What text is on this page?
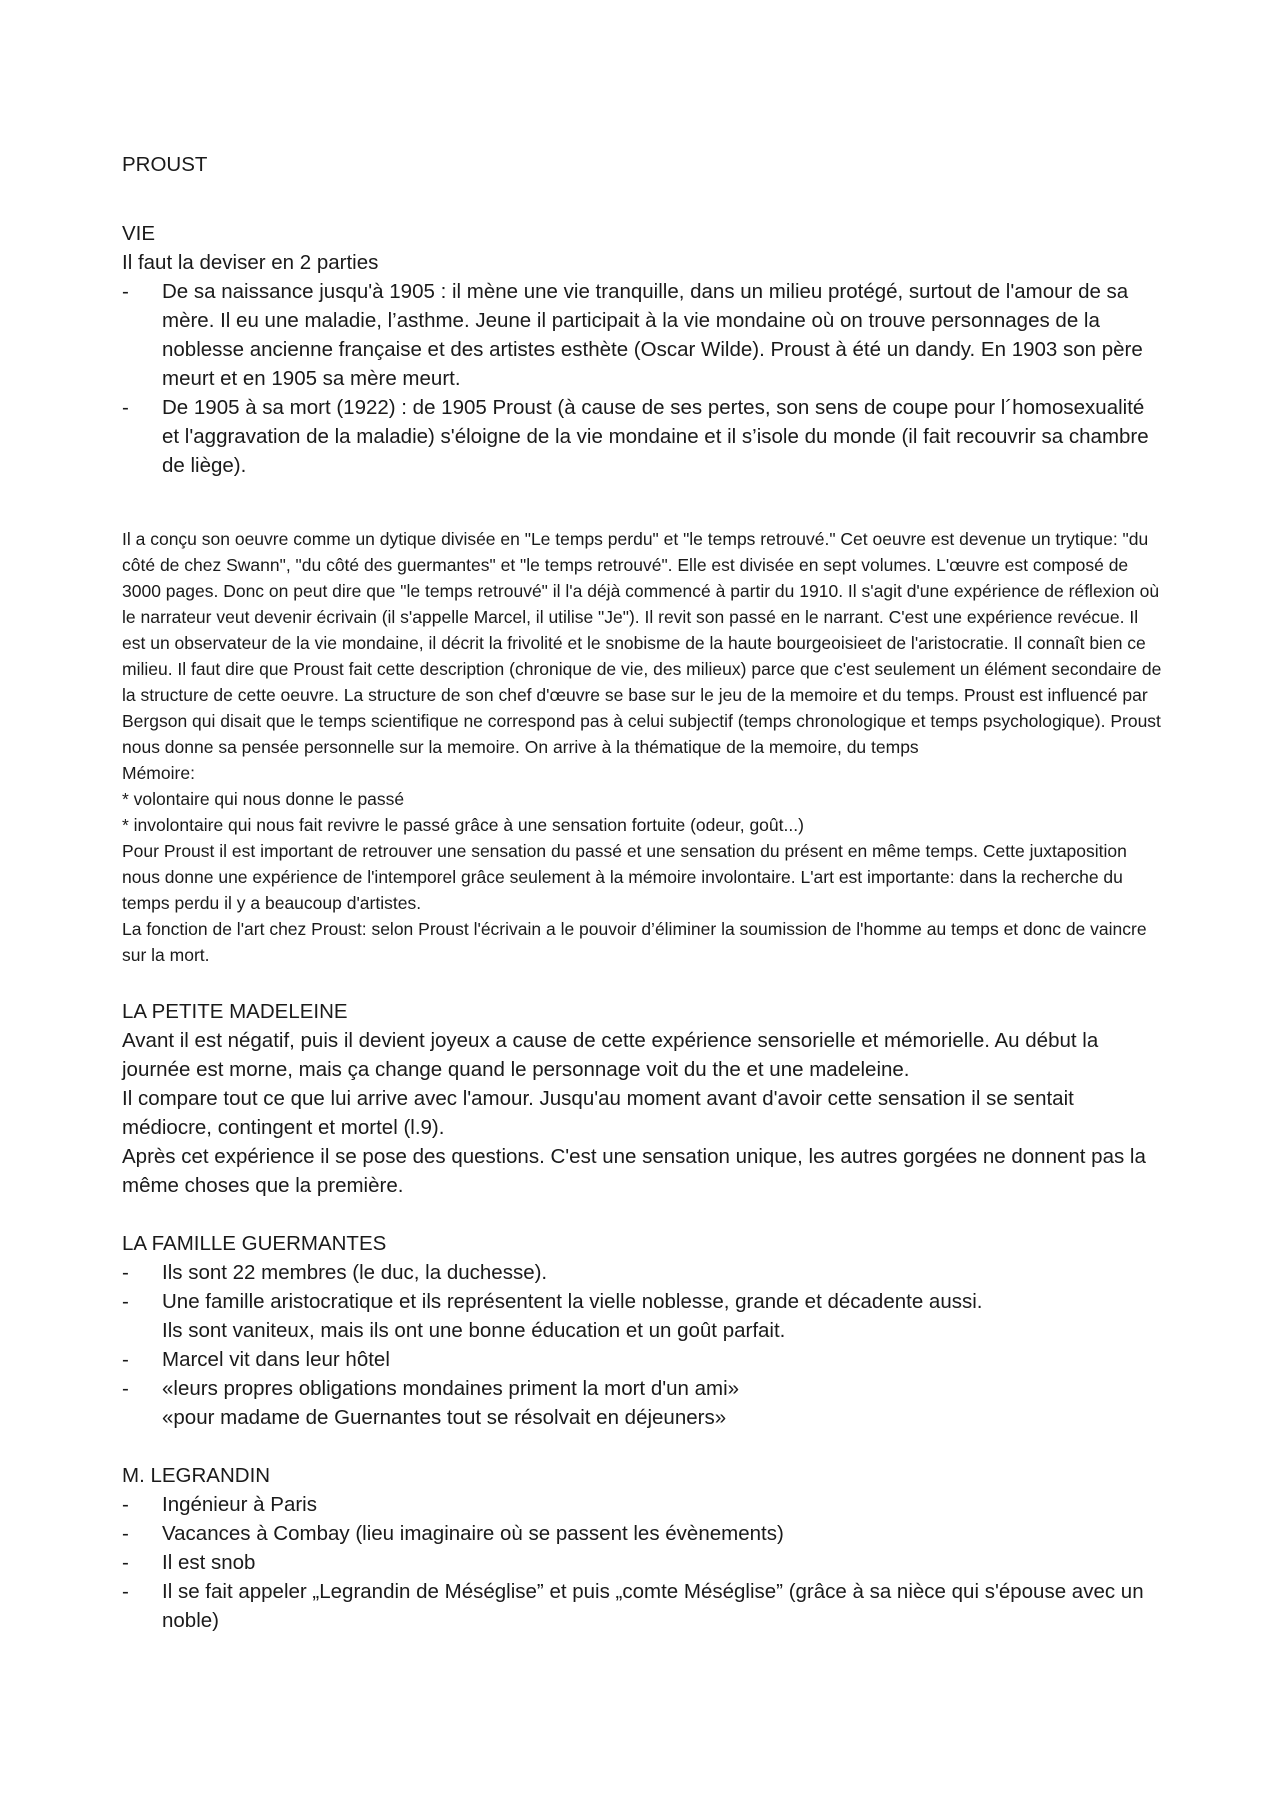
PROUST

VIE

Il faut la deviser en 2 parties

- De sa naissance jusqu'à 1905 : il mène une vie tranquille, dans un milieu protégé, surtout de l'amour de sa mère. Il eu une maladie, l’asthme. Jeune il participait à la vie mondaine où on trouve personnages de la noblesse ancienne française et des artistes esthète (Oscar Wilde). Proust à été un dandy. En 1903 son père meurt et en 1905 sa mère meurt.
- De 1905 à sa mort (1922) : de 1905 Proust (à cause de ses pertes, son sens de coupe pour l´homosexualité et l'aggravation de la maladie) s'éloigne de la vie mondaine et il s’isole du monde (il fait recouvrir sa chambre de liège).

Il a conçu son oeuvre comme un dytique divisée en "Le temps perdu" et "le temps retrouvé." Cet oeuvre est devenue un trytique: "du côté de chez Swann", "du côté des guermantes" et "le temps retrouvé". Elle est divisée en sept volumes. L'œuvre est composé de 3000 pages. Donc on peut dire que "le temps retrouvé" il l'a déjà commencé à partir du 1910. Il s'agit d'une expérience de réflexion où le narrateur veut devenir écrivain (il s'appelle Marcel, il utilise "Je"). Il revit son passé en le narrant. C'est une expérience revécue. Il est un observateur de la vie mondaine, il décrit la frivolité et le snobisme de la haute bourgeoisieet de l'aristocratie. Il connaît bien ce milieu. Il faut dire que Proust fait cette description (chronique de vie, des milieux) parce que c'est seulement un élément secondaire de la structure de cette oeuvre. La structure de son chef d'œuvre se base sur le jeu de la memoire et du temps. Proust est influencé par Bergson qui disait que le temps scientifique ne correspond pas à celui subjectif (temps chronologique et temps psychologique). Proust nous donne sa pensée personnelle sur la memoire. On arrive à la thématique de la memoire, du temps

Mémoire:

* volontaire qui nous donne le passé

* involontaire qui nous fait revivre le passé grâce à une sensation fortuite (odeur, goût...)

Pour Proust il est important de retrouver une sensation du passé et une sensation du présent en même temps. Cette juxtaposition nous donne une expérience de l'intemporel grâce seulement à la mémoire involontaire. L'art est importante: dans la recherche du temps perdu il y a beaucoup d'artistes.

La fonction de l'art chez Proust: selon Proust l'écrivain a le pouvoir d’éliminer la soumission de l'homme au temps et donc de vaincre sur la mort.

LA PETITE MADELEINE

Avant il est négatif, puis il devient joyeux a cause de cette expérience sensorielle et mémorielle. Au début la journée est morne, mais ça change quand le personnage voit du the et une madeleine.

Il compare tout ce que lui arrive avec l'amour. Jusqu'au moment avant d'avoir cette sensation il se sentait médiocre, contingent et mortel (l.9).

Après cet expérience il se pose des questions. C'est une sensation unique, les autres gorgées ne donnent pas la même choses que la première.

LA FAMILLE GUERMANTES

- Ils sont 22 membres (le duc, la duchesse).
- Une famille aristocratique et ils représentent la vielle noblesse, grande et décadente aussi.

Ils sont vaniteux, mais ils ont une bonne éducation et un goût parfait.

- Marcel vit dans leur hôtel
- «leurs propres obligations mondaines priment la mort d'un ami»

«pour madame de Guernantes tout se résolvait en déjeuners»

M. LEGRANDIN

- Ingénieur à Paris
- Vacances à Combay (lieu imaginaire où se passent les évènements)
- Il est snob
- Il se fait appeler „Legrandin de Méséglise” et puis „comte Méséglise” (grâce à sa nièce qui s'épouse avec un noble)
